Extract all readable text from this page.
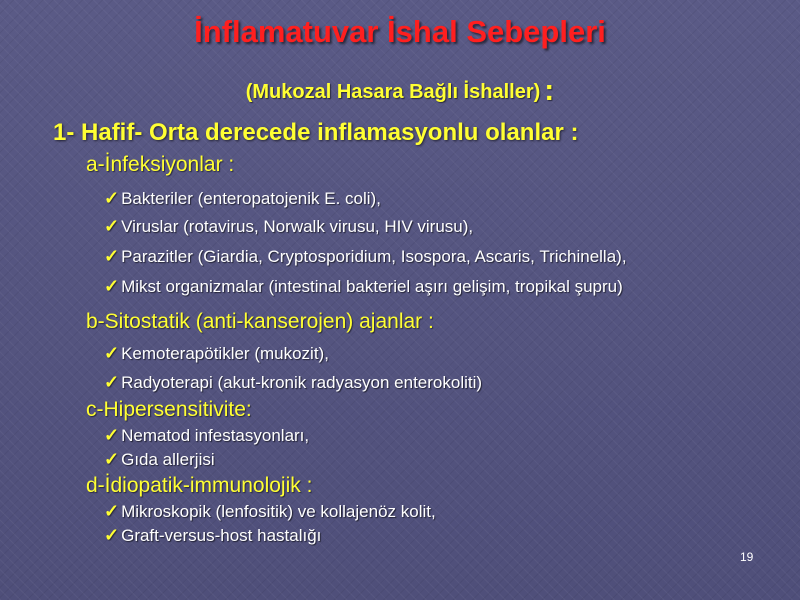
İnflamatuvar İshal Sebepleri
(Mukozal Hasara Bağlı İshaller) :
1- Hafif- Orta derecede inflamasyonlu olanlar :
a-İnfeksiyonlar :
✓ Bakteriler (enteropatojenik E. coli),
✓ Viruslar (rotavirus, Norwalk virusu, HIV virusu),
✓ Parazitler (Giardia, Cryptosporidium, Isospora, Ascaris, Trichinella),
✓ Mikst organizmalar (intestinal bakteriel aşırı gelişim, tropikal şupru)
b-Sitostatik (anti-kanserojen) ajanlar :
✓ Kemoterapötikler (mukozit),
✓ Radyoterapi (akut-kronik radyasyon enterokoliti)
c-Hipersensitivite:
✓ Nematod infestasyonları,
✓ Gıda allerjisi
d-İdiopatik-immunolojik :
✓ Mikroskopik (lenfositik) ve kollajenöz kolit,
✓ Graft-versus-host hastalığı
19
